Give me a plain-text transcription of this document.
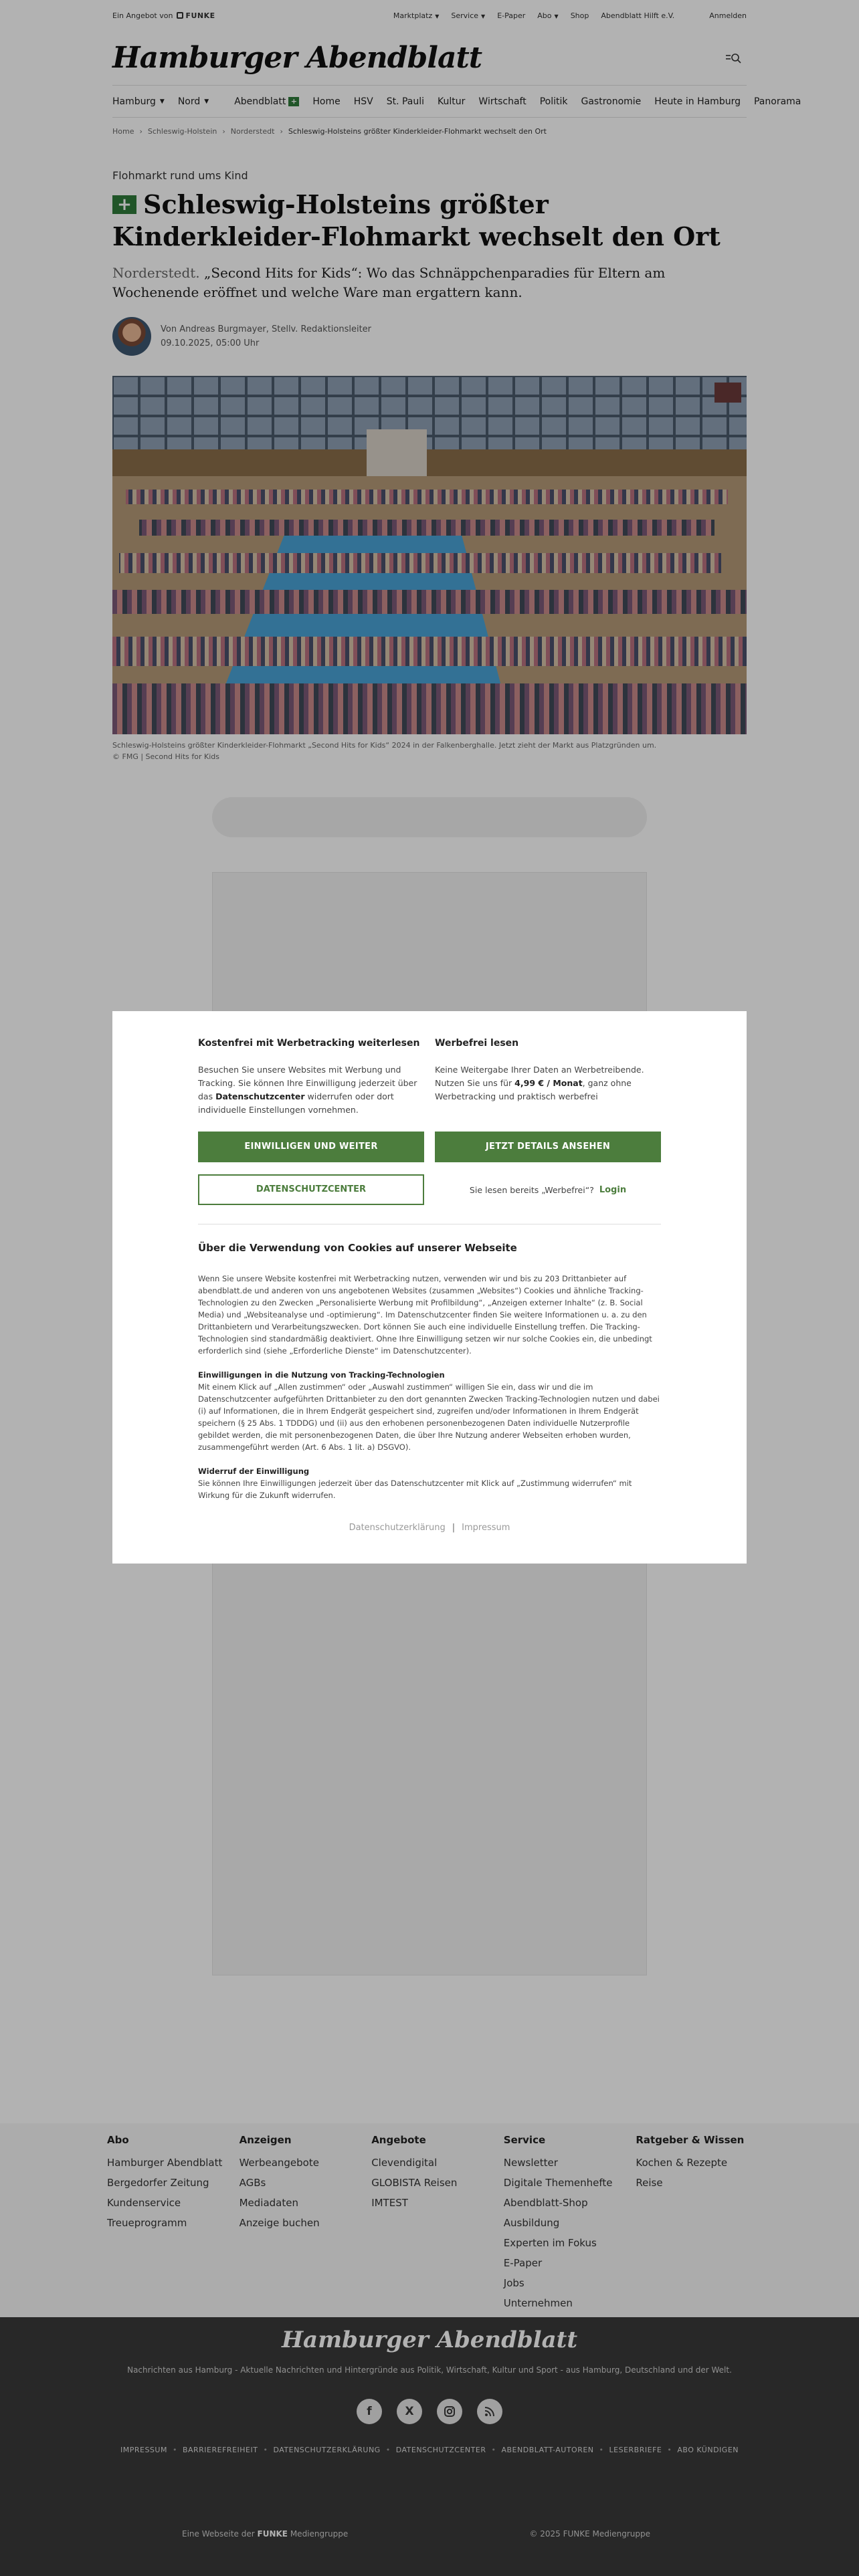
Ein Angebot von	FUNKE	Marktplatz ▼ Service ▼ E-Paper Abo ▼ Shop Abendblatt Hilft e.V.	Anmelden
Hamburger Abendblatt
Hamburg ▼ Nord ▼	Abendblatt + Home HSV St. Pauli Kultur Wirtschaft Politik Gastronomie Heute in Hamburg Panorama
Home › Schleswig-Holstein › Norderstedt › Schleswig-Holsteins größter Kinderkleider-Flohmarkt wechselt den Ort
Flohmarkt rund ums Kind
+ Schleswig-Holsteins größter Kinderkleider-Flohmarkt wechselt den Ort

Norderstedt. „Second Hits for Kids“: Wo das Schnäppchenparadies für Eltern am Wochenende eröffnet und welche Ware man ergattern kann.

Von Andreas Burgmayer, Stellv. Redaktionsleiter
09.10.2025, 05:00 Uhr

Schleswig-Holsteins größter Kinderkleider-Flohmarkt „Second Hits for Kids“ 2024 in der Falkenberghalle. Jetzt zieht der Markt aus Platzgründen um.
© FMG | Second Hits for Kids

Abo
Hamburger Abendblatt
Bergedorfer Zeitung
Kundenservice
Treueprogramm
Anzeigen
Werbeangebote
AGBs
Mediadaten
Anzeige buchen
Angebote
Clevendigital
GLOBISTA Reisen
IMTEST
Service
Newsletter
Digitale Themenhefte
Abendblatt-Shop
Ausbildung
Experten im Fokus
E-Paper
Jobs
Unternehmen
Ratgeber & Wissen
Kochen & Rezepte
Reise
Hamburger Abendblatt
Nachrichten aus Hamburg - Aktuelle Nachrichten und Hintergründe aus Politik, Wirtschaft, Kultur und Sport - aus Hamburg, Deutschland und der Welt.
f	X
IMPRESSUM • BARRIEREFREIHEIT • DATENSCHUTZERKLÄRUNG • DATENSCHUTZCENTER • ABENDBLATT-AUTOREN • LESERBRIEFE • ABO KÜNDIGEN
Eine Webseite der FUNKE Mediengruppe	© 2025 FUNKE Mediengruppe
Kostenfrei mit Werbetracking weiterlesen

Besuchen Sie unsere Websites mit Werbung und Tracking. Sie können Ihre Einwilligung jederzeit über das Datenschutzcenter widerrufen oder dort individuelle Einstellungen vornehmen.

Werbefrei lesen

Keine Weitergabe Ihrer Daten an Werbetreibende. Nutzen Sie uns für 4,99 € / Monat, ganz ohne Werbetracking und praktisch werbefrei

EINWILLIGEN UND WEITER
DATENSCHUTZCENTER
JETZT DETAILS ANSEHEN
Sie lesen bereits „Werbefrei“? Login
Über die Verwendung von Cookies auf unserer Webseite

Wenn Sie unsere Website kostenfrei mit Werbetracking nutzen, verwenden wir und bis zu 203 Drittanbieter auf abendblatt.de und anderen von uns angebotenen Websites (zusammen „Websites“) Cookies und ähnliche Tracking-Technologien zu den Zwecken „Personalisierte Werbung mit Profilbildung“, „Anzeigen externer Inhalte“ (z. B. Social Media) und „Websiteanalyse und -optimierung“. Im Datenschutzcenter finden Sie weitere Informationen u. a. zu den Drittanbietern und Verarbeitungszwecken. Dort können Sie auch eine individuelle Einstellung treffen. Die Tracking-Technologien sind standardmäßig deaktiviert. Ohne Ihre Einwilligung setzen wir nur solche Cookies ein, die unbedingt erforderlich sind (siehe „Erforderliche Dienste“ im Datenschutzcenter).

Einwilligungen in die Nutzung von Tracking-Technologien

Mit einem Klick auf „Allen zustimmen“ oder „Auswahl zustimmen“ willigen Sie ein, dass wir und die im Datenschutzcenter aufgeführten Drittanbieter zu den dort genannten Zwecken Tracking-Technologien nutzen und dabei (i) auf Informationen, die in Ihrem Endgerät gespeichert sind, zugreifen und/oder Informationen in Ihrem Endgerät speichern (§ 25 Abs. 1 TDDDG) und (ii) aus den erhobenen personenbezogenen Daten individuelle Nutzerprofile gebildet werden, die mit personenbezogenen Daten, die über Ihre Nutzung anderer Webseiten erhoben wurden, zusammengeführt werden (Art. 6 Abs. 1 lit. a) DSGVO).

Widerruf der Einwilligung

Sie können Ihre Einwilligungen jederzeit über das Datenschutzcenter mit Klick auf „Zustimmung widerrufen“ mit Wirkung für die Zukunft widerrufen.

Datenschutzerklärung | Impressum
